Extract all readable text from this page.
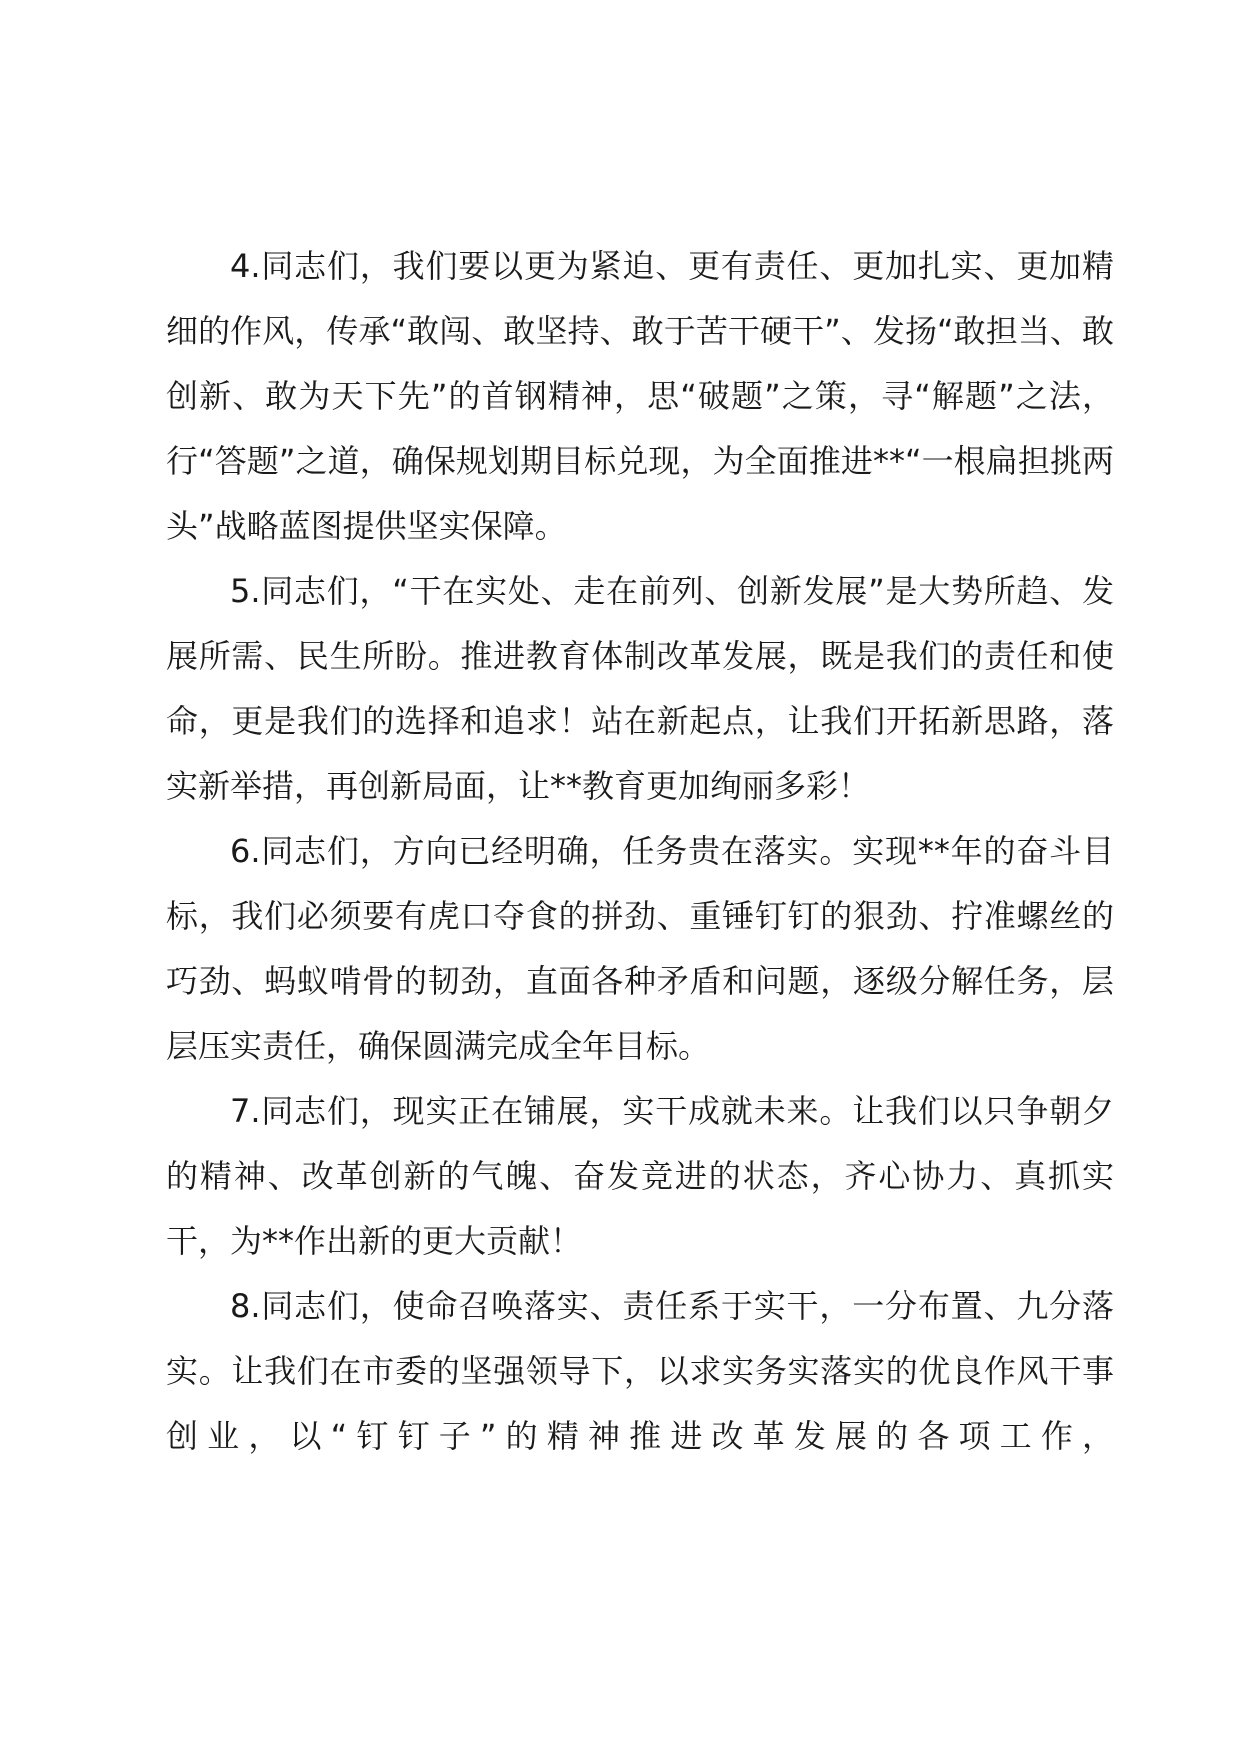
4.同志们，我们要以更为紧迫、更有责任、更加扎实、更加精细的作风，传承“敢闯、敢坚持、敢于苦干硬干”、发扬“敢担当、敢创新、敢为天下先”的首钢精神，思“破题”之策，寻“解题”之法，行“答题”之道，确保规划期目标兑现，为全面推进**“一根扁担挑两头”战略蓝图提供坚实保障。

5.同志们，“干在实处、走在前列、创新发展”是大势所趋、发展所需、民生所盼。推进教育体制改革发展，既是我们的责任和使命，更是我们的选择和追求！站在新起点，让我们开拓新思路，落实新举措，再创新局面，让**教育更加绚丽多彩！

6.同志们，方向已经明确，任务贵在落实。实现**年的奋斗目标，我们必须要有虎口夺食的拼劲、重锤钉钉的狠劲、拧准螺丝的巧劲、蚂蚁啃骨的韧劲，直面各种矛盾和问题，逐级分解任务，层层压实责任，确保圆满完成全年目标。

7.同志们，现实正在铺展，实干成就未来。让我们以只争朝夕的精神、改革创新的气魄、奋发竞进的状态，齐心协力、真抓实干，为**作出新的更大贡献！

8.同志们，使命召唤落实、责任系于实干，一分布置、九分落实。让我们在市委的坚强领导下，以求实务实落实的优良作风干事创业，以“钉钉子”的精神推进改革发展的各项工作，
